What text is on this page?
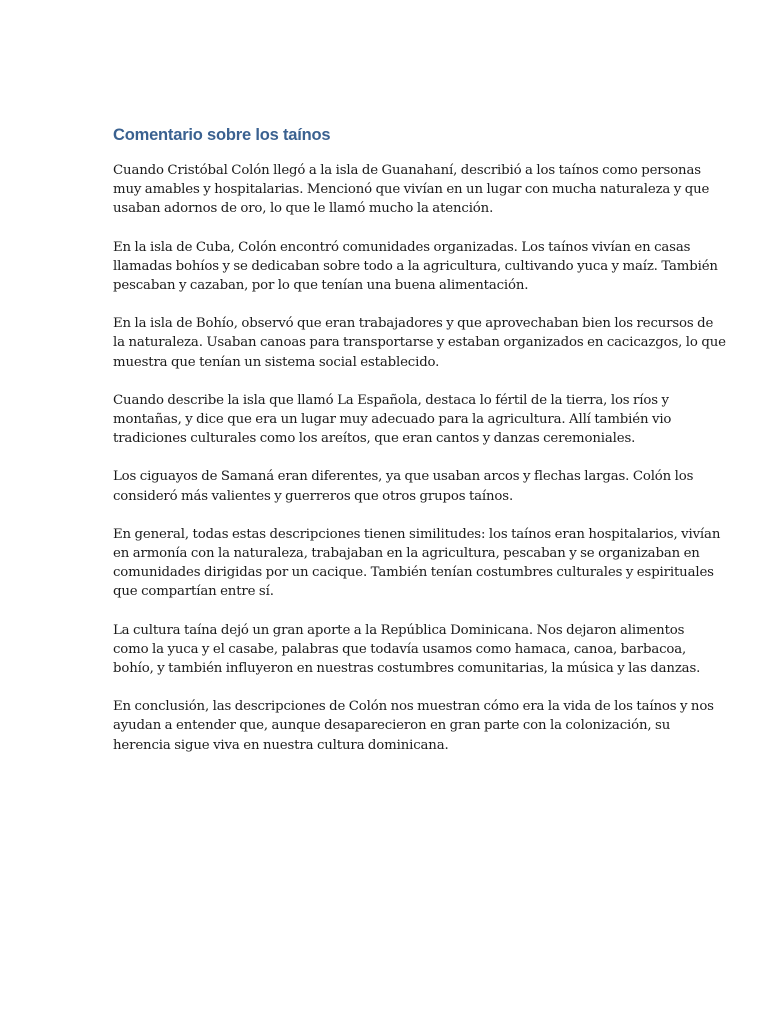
Comentario sobre los taínos

Cuando Cristóbal Colón llegó a la isla de Guanahaní, describió a los taínos como personas
muy amables y hospitalarias. Mencionó que vivían en un lugar con mucha naturaleza y que
usaban adornos de oro, lo que le llamó mucho la atención.

En la isla de Cuba, Colón encontró comunidades organizadas. Los taínos vivían en casas
llamadas bohíos y se dedicaban sobre todo a la agricultura, cultivando yuca y maíz. También
pescaban y cazaban, por lo que tenían una buena alimentación.

En la isla de Bohío, observó que eran trabajadores y que aprovechaban bien los recursos de
la naturaleza. Usaban canoas para transportarse y estaban organizados en cacicazgos, lo que
muestra que tenían un sistema social establecido.

Cuando describe la isla que llamó La Española, destaca lo fértil de la tierra, los ríos y
montañas, y dice que era un lugar muy adecuado para la agricultura. Allí también vio
tradiciones culturales como los areítos, que eran cantos y danzas ceremoniales.

Los ciguayos de Samaná eran diferentes, ya que usaban arcos y flechas largas. Colón los
consideró más valientes y guerreros que otros grupos taínos.

En general, todas estas descripciones tienen similitudes: los taínos eran hospitalarios, vivían
en armonía con la naturaleza, trabajaban en la agricultura, pescaban y se organizaban en
comunidades dirigidas por un cacique. También tenían costumbres culturales y espirituales
que compartían entre sí.

La cultura taína dejó un gran aporte a la República Dominicana. Nos dejaron alimentos
como la yuca y el casabe, palabras que todavía usamos como hamaca, canoa, barbacoa,
bohío, y también influyeron en nuestras costumbres comunitarias, la música y las danzas.

En conclusión, las descripciones de Colón nos muestran cómo era la vida de los taínos y nos
ayudan a entender que, aunque desaparecieron en gran parte con la colonización, su
herencia sigue viva en nuestra cultura dominicana.
